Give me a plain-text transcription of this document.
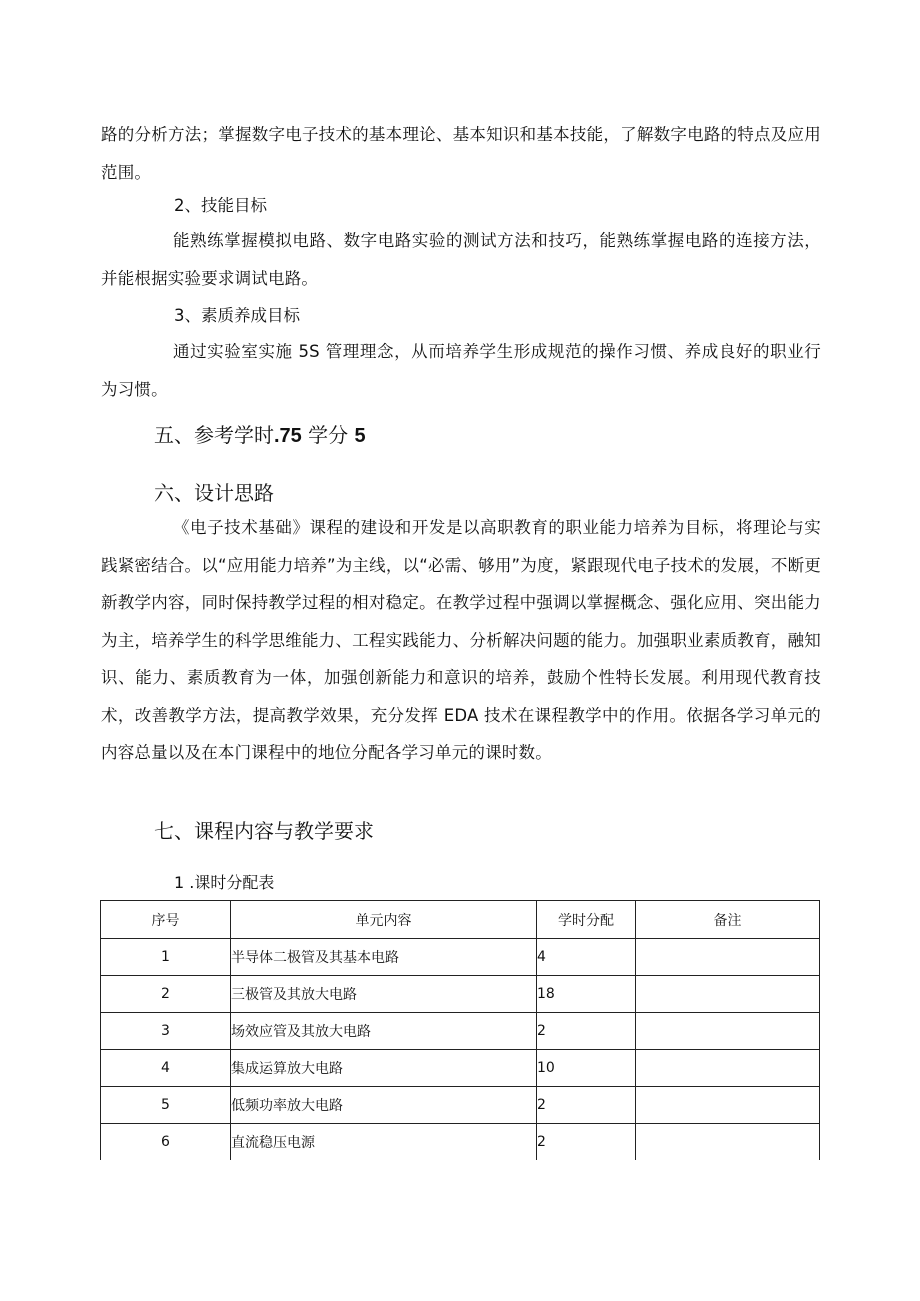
路的分析方法；掌握数字电子技术的基本理论、基本知识和基本技能，了解数字电路的特点及应用范围。
2、技能目标
能熟练掌握模拟电路、数字电路实验的测试方法和技巧，能熟练掌握电路的连接方法，并能根据实验要求调试电路。
3、素质养成目标
通过实验室实施 5S 管理理念，从而培养学生形成规范的操作习惯、养成良好的职业行为习惯。
五、参考学时.75 学分 5
六、设计思路
《电子技术基础》课程的建设和开发是以高职教育的职业能力培养为目标，将理论与实践紧密结合。以“应用能力培养”为主线，以“必需、够用”为度，紧跟现代电子技术的发展，不断更新教学内容，同时保持教学过程的相对稳定。在教学过程中强调以掌握概念、强化应用、突出能力为主，培养学生的科学思维能力、工程实践能力、分析解决问题的能力。加强职业素质教育，融知识、能力、素质教育为一体，加强创新能力和意识的培养，鼓励个性特长发展。利用现代教育技术，改善教学方法，提高教学效果，充分发挥 EDA 技术在课程教学中的作用。依据各学习单元的内容总量以及在本门课程中的地位分配各学习单元的课时数。
七、课程内容与教学要求
1 .课时分配表
序号	单元内容	学时分配	备注
1	半导体二极管及其基本电路	4	
2	三极管及其放大电路	18	
3	场效应管及其放大电路	2	
4	集成运算放大电路	10	
5	低频功率放大电路	2	
6	直流稳压电源	2	
